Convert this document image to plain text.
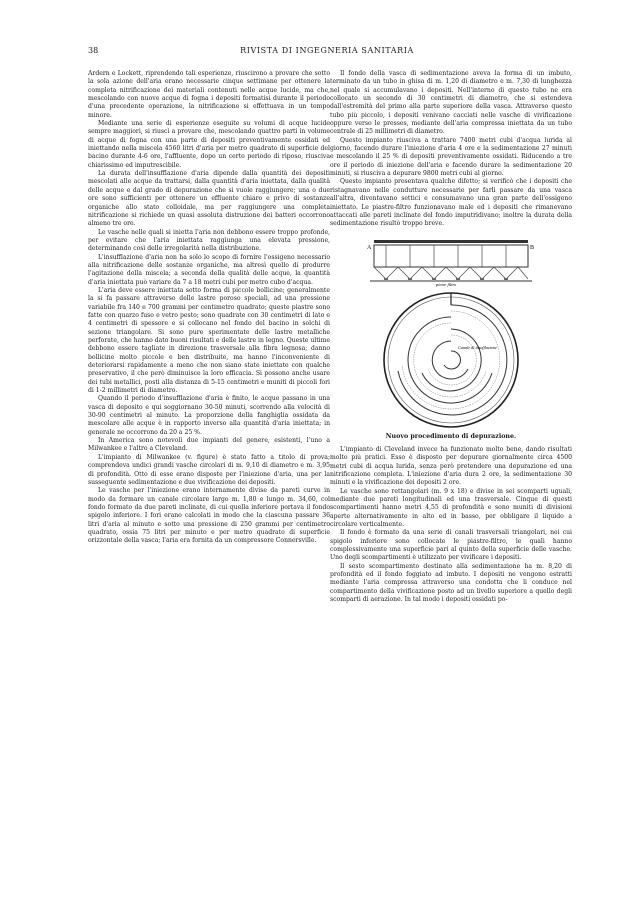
38	RIVISTA DI INGEGNERIA SANITARIA

Ardern e Lockett, riprendendo tali esperienze, riuscirono a provare che sotto la sola azione dell'aria erano necessarie cinque settimane per ottenere la completa nitrificazione dei materiali contenuti nelle acque lucide, ma che, mescolando con nuove acque di fogna i depositi formatisi durante il periodo d'una precedente operazione, la nitrificazione si effettuava in un tempo minore.

Mediante una serie di esperienze eseguite su volumi di acque lucide sempre maggiori, si riuscì a provare che, mescolando quattro parti in volume di acque di fogna con una parte di depositi preventivamente ossidati ed iniettando nella miscela 4560 litri d'aria per metro quadrato di superficie del bacino durante 4-6 ore, l'affluente, dopo un certo periodo di riposo, riusciva chiarissimo ed imputrescibile.

La durata dell'insufflazione d'aria dipende dalla quantità dei depositi mescolati alle acque da trattarsi, dalla quantità d'aria iniettata, dalla qualità delle acque e dal grado di depurazione che si vuole raggiungere; una o due ore sono sufficienti per ottenere un effluente chiaro e privo di sostanze organiche allo stato colloidale, ma per raggiungere una completa nitrificazione si richiede un quasi assoluta distruzione dei batteri occorrono almeno tre ore.

Le vasche nelle quali si inietta l'aria non debbono essere troppo profonde, per evitare che l'aria iniettata raggiunga una elevata pressione, determinando così delle irregolarità nella distribuzione.

L'insufflazione d'aria non ha solo lo scopo di fornire l'ossigeno necessario alla nitrificazione delle sostanze organiche, ma altresì quello di produrre l'agitazione della miscela; a seconda della qualità delle acque, la quantità d'aria iniettata può variare da 7 a 18 metri cubi per metro cubo d'acqua.

L'aria deve essere iniettata sotto forma di piccole bollicine; generalmente la si fa passare attraverso delle lastre poroso speciali, ad una pressione variabile fra 140 e 700 grammi per centimetro quadrato; queste piastre sono fatte con quarzo fuso e vetro pesto; sono quadrate con 30 centimetri di lato e 4 centimetri di spessore e si collocano nel fondo del bacino in solchi di sezione triangolare. Si sono pure sperimentate delle lastre metalliche perforate, che hanno dato buoni risultati e delle lastre in legno. Queste ultime debbono essere tagliate in direzione trasversale alla fibra legnosa; danno bollicine molto piccole e ben distribuite, ma hanno l'inconveniente di deteriorarsi rapidamente a meno che non siano state iniettate con qualche preservativo, il che però diminuisce la loro efficacia. Si possono anche usare dei tubi metallici, posti alla distanza di 5-15 centimetri e muniti di piccoli fori di 1-2 millimetri di diametro.

Quando il periodo d'insufflazione d'aria è finito, le acque passano in una vasca di deposito e qui soggiornano 30-50 minuti, scorrendo alla velocità di 30-90 centimetri al minuto. La proporzione della fanghiglia ossidata da mescolare alle acque è in rapporto inverso alla quantità d'aria iniettata; in generale ne occorrono da 20 a 25 %.

In America sono notevoli due impianti del genere, esistenti, l'uno a Milwankee e l'altro a Cleveland.

L'impianto di Milwankee (v. figure) è stato fatto a titolo di prova; comprendeva undici grandi vasche circolari di m. 9,10 di diametro e m. 3,95 di profondità. Otto di esse erano disposte per l'iniezione d'aria, una per la susseguente sedimentazione e due vivificazione dei depositi.

Le vasche per l'iniezione erano internamente divise da pareti curve in modo da formare un canale circolare largo m. 1,80 e lungo m. 34,60, col fondo formato da due pareti inclinate, di cui quella inferiore portava il fondo spigolo inferiore. I fori erano calcolati in modo che la ciascuna passare 36 litri d'aria al minuto e sotto una pressione di 250 grammi per centimetro quadrato, ossia 75 litri per minuto e per metro quadrato di superficie orizzontale della vasca; l'aria era fornita da un compressore Connersville.

Il fondo della vasca di sedimentazione aveva la forma di un imbuto, terminato da un tubo in ghisa di m. 1,20 di diametro e m. 7,30 di lunghezza nel quale si accumulavano i depositi. Nell'interno di questo tubo ne era collocato un secondo di 30 centimetri di diametro, che si estendeva dall'estremità del primo alla parte superiore della vasca. Attraverso questo tubo più piccolo, i depositi venivano cacciati nelle vasche di vivificazione oppure verso le presses, mediante dell'aria compressa iniettata da un tubo centrale di 25 millimetri di diametro.

Questo impianto riusciva a trattare 7400 metri cubi d'acqua lurida al giorno, facendo durare l'iniezione d'aria 4 ore e la sedimentazione 27 minuti e mescolando il 25 % di depositi preventivamente ossidati. Riducendo a tre ore il periodo di iniezione dell'aria e facendo durare la sedimentazione 20 minuti, si riusciva a depurare 9800 metri cubi al giorno.

Questo impianto presentava qualche difetto; si verificò che i depositi che ristagnavano nelle condutture necessarie per farli passare da una vasca all'altra, diventavano settici e consumavano una gran parte dell'ossigeno iniettato. Le piastre-filtro funzionavano male ed i depositi che rimanevano attaccati alle pareti inclinate del fondo imputridivano; inoltre la durata della sedimentazione risultò troppo breve.

A	B
pietre filtro
Canale di insufflazione
Nuovo procedimento di depurazione.

L'impianto di Cleveland invece ha funzionato molto bene, dando risultati molto più pratici. Esso è disposto per depurare giornalmente circa 4500 metri cubi di acqua lurida, senza però pretendere una depurazione ed una nitrificazione completa. L'iniezione d'aria dura 2 ore, la sedimentazione 30 minuti e la vivificazione dei depositi 2 ore.

Le vasche sono rettangolari (m. 9 x 18) e divise in sei scomparti uguali, mediante due pareti longitudinali ed una trasversale. Cinque di questi scompartimenti hanno metri 4,55 di profondità e sono muniti di divisioni aperte alternativamente in alto ed in basso, per obbligare il liquido a circolare verticalmente.

Il fondo è formato da una serie di canali trasversali triangolari, nei cui spigolo inferiore sono collocate le piastre-filtro, le quali hanno complessivamente una superficie pari al quinto della superficie delle vasche. Uno degli scompartimenti è utilizzato per vivificare i depositi.

Il sesto scompartimento destinato alla sedimentazione ha m. 8,20 di profondità ed il fondo foggiato ad imbuto. I depositi ne vengono estratti mediante l'aria compressa attraverso una condotta che li conduce nel compartimento della vivificazione posto ad un livello superiore a quello degli scomparti di aerazione. In tal modo i depositi ossidati po-
